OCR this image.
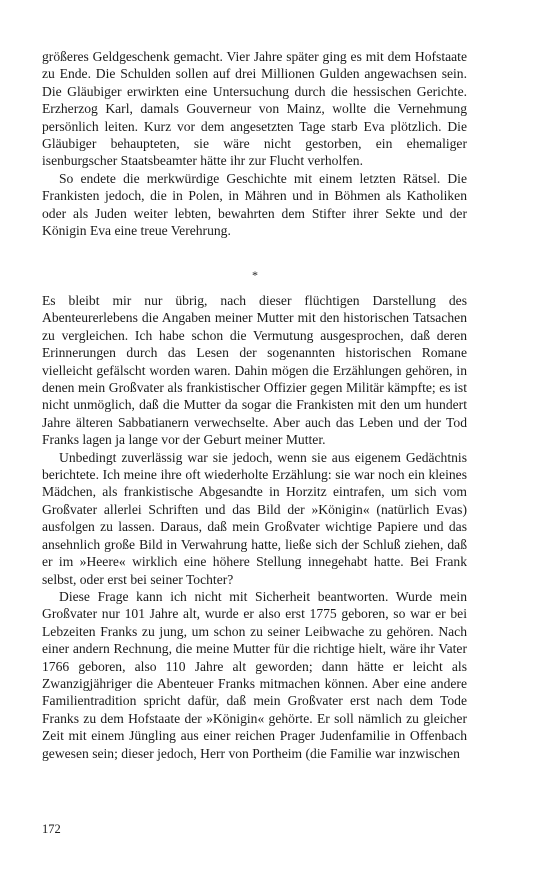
größeres Geldgeschenk gemacht. Vier Jahre später ging es mit dem Hofstaate zu Ende. Die Schulden sollen auf drei Millionen Gulden angewachsen sein. Die Gläubiger erwirkten eine Untersuchung durch die hessischen Gerichte. Erzherzog Karl, damals Gouverneur von Mainz, wollte die Vernehmung persönlich leiten. Kurz vor dem angesetzten Tage starb Eva plötzlich. Die Gläubiger behaupteten, sie wäre nicht gestorben, ein ehemaliger isenburgscher Staatsbeamter hätte ihr zur Flucht verholfen.

So endete die merkwürdige Geschichte mit einem letzten Rätsel. Die Frankisten jedoch, die in Polen, in Mähren und in Böhmen als Katholiken oder als Juden weiter lebten, bewahrten dem Stifter ihrer Sekte und der Königin Eva eine treue Verehrung.

*

Es bleibt mir nur übrig, nach dieser flüchtigen Darstellung des Abenteurerlebens die Angaben meiner Mutter mit den historischen Tatsachen zu vergleichen. Ich habe schon die Vermutung ausgesprochen, daß deren Erinnerungen durch das Lesen der sogenannten historischen Romane vielleicht gefälscht worden waren. Dahin mögen die Erzählungen gehören, in denen mein Großvater als frankistischer Offizier gegen Militär kämpfte; es ist nicht unmöglich, daß die Mutter da sogar die Frankisten mit den um hundert Jahre älteren Sabbatianern verwechselte. Aber auch das Leben und der Tod Franks lagen ja lange vor der Geburt meiner Mutter.

Unbedingt zuverlässig war sie jedoch, wenn sie aus eigenem Gedächtnis berichtete. Ich meine ihre oft wiederholte Erzählung: sie war noch ein kleines Mädchen, als frankistische Abgesandte in Horzitz eintrafen, um sich vom Großvater allerlei Schriften und das Bild der »Königin« (natürlich Evas) ausfolgen zu lassen. Daraus, daß mein Großvater wichtige Papiere und das ansehnlich große Bild in Verwahrung hatte, ließe sich der Schluß ziehen, daß er im »Heere« wirklich eine höhere Stellung innegehabt hatte. Bei Frank selbst, oder erst bei seiner Tochter?

Diese Frage kann ich nicht mit Sicherheit beantworten. Wurde mein Großvater nur 101 Jahre alt, wurde er also erst 1775 geboren, so war er bei Lebzeiten Franks zu jung, um schon zu seiner Leibwache zu gehören. Nach einer andern Rechnung, die meine Mutter für die richtige hielt, wäre ihr Vater 1766 geboren, also 110 Jahre alt geworden; dann hätte er leicht als Zwanzigjähriger die Abenteuer Franks mitmachen können. Aber eine andere Familientradition spricht dafür, daß mein Großvater erst nach dem Tode Franks zu dem Hofstaate der »Königin« gehörte. Er soll nämlich zu gleicher Zeit mit einem Jüngling aus einer reichen Prager Judenfamilie in Offenbach gewesen sein; dieser jedoch, Herr von Portheim (die Familie war inzwischen

172
